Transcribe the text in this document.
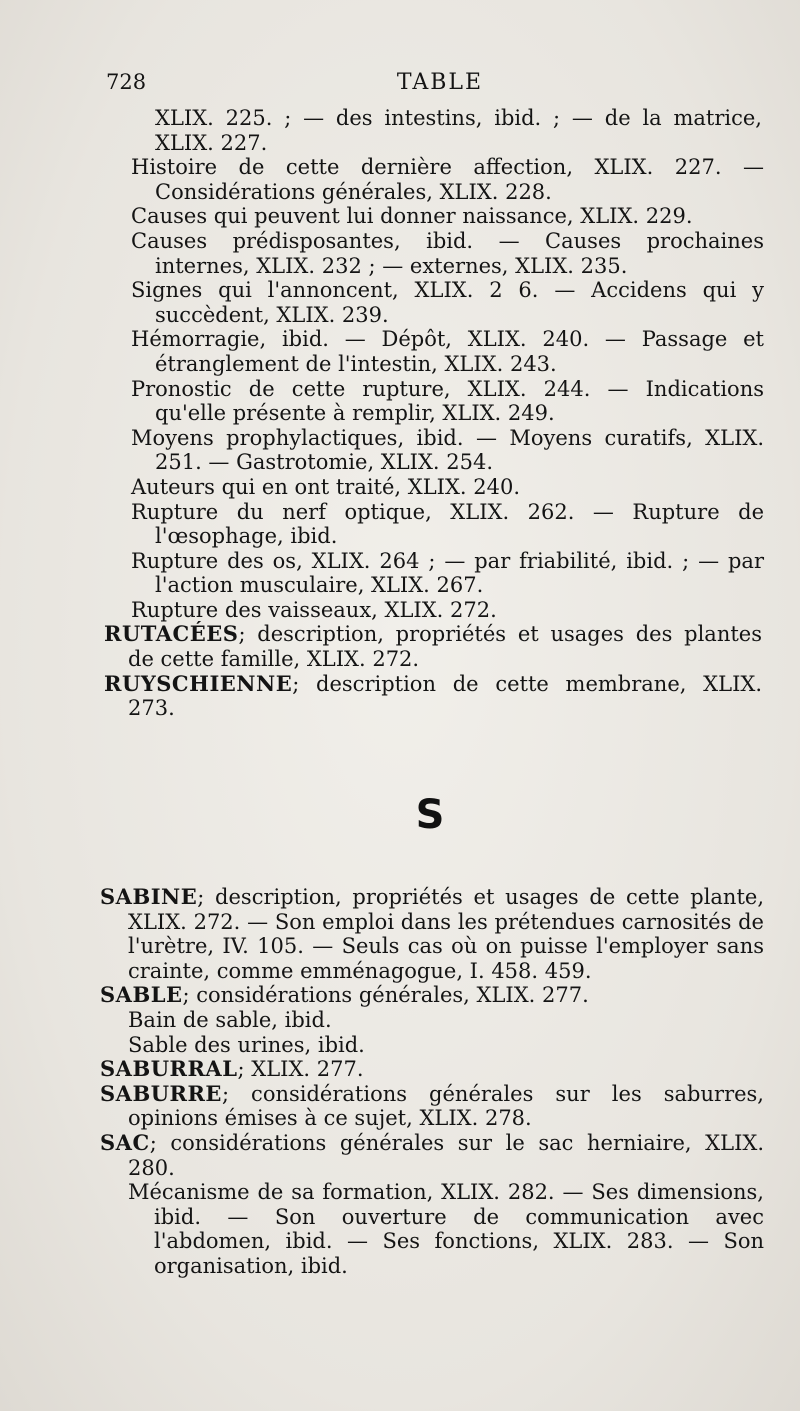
728	TABLE
XLIX. 225. ; — des intestins, ibid. ; — de la matrice, XLIX. 227.
Histoire de cette dernière affection, XLIX. 227. — Considérations générales, XLIX. 228.
Causes qui peuvent lui donner naissance, XLIX. 229.
Causes prédisposantes, ibid. — Causes prochaines internes, XLIX. 232 ; — externes, XLIX. 235.
Signes qui l'annoncent, XLIX. 2 6. — Accidens qui y succèdent, XLIX. 239.
Hémorragie, ibid. — Dépôt, XLIX. 240. — Passage et étranglement de l'intestin, XLIX. 243.
Pronostic de cette rupture, XLIX. 244. — Indications qu'elle présente à remplir, XLIX. 249.
Moyens prophylactiques, ibid. — Moyens curatifs, XLIX. 251. — Gastrotomie, XLIX. 254.
Auteurs qui en ont traité, XLIX. 240.
Rupture du nerf optique, XLIX. 262. — Rupture de l'œsophage, ibid.
Rupture des os, XLIX. 264 ; — par friabilité, ibid. ; — par l'action musculaire, XLIX. 267.
Rupture des vaisseaux, XLIX. 272.
RUTACÉES; description, propriétés et usages des plantes de cette famille, XLIX. 272.
RUYSCHIENNE; description de cette membrane, XLIX. 273.
S
SABINE; description, propriétés et usages de cette plante, XLIX. 272. — Son emploi dans les prétendues carnosités de l'urètre, IV. 105. — Seuls cas où on puisse l'employer sans crainte, comme emménagogue, I. 458. 459.
SABLE; considérations générales, XLIX. 277.
Bain de sable, ibid.
Sable des urines, ibid.
SABURRAL; XLIX. 277.
SABURRE; considérations générales sur les saburres, opinions émises à ce sujet, XLIX. 278.
SAC; considérations générales sur le sac herniaire, XLIX. 280.
Mécanisme de sa formation, XLIX. 282. — Ses dimensions, ibid. — Son ouverture de communication avec l'abdomen, ibid. — Ses fonctions, XLIX. 283. — Son organisation, ibid.
